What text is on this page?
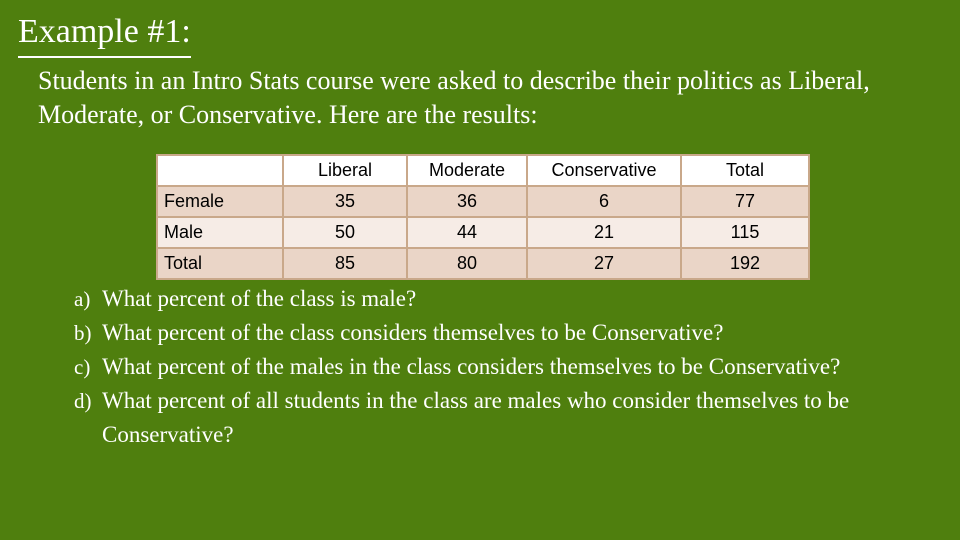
Example #1:
Students in an Intro Stats course were asked to describe their politics as Liberal, Moderate, or Conservative. Here are the results:
	Liberal	Moderate	Conservative	Total
Female	35	36	6	77
Male	50	44	21	115
Total	85	80	27	192
a) What percent of the class is male?
b) What percent of the class considers themselves to be Conservative?
c) What percent of the males in the class considers themselves to be Conservative?
d) What percent of all students in the class are males who consider themselves to be Conservative?
